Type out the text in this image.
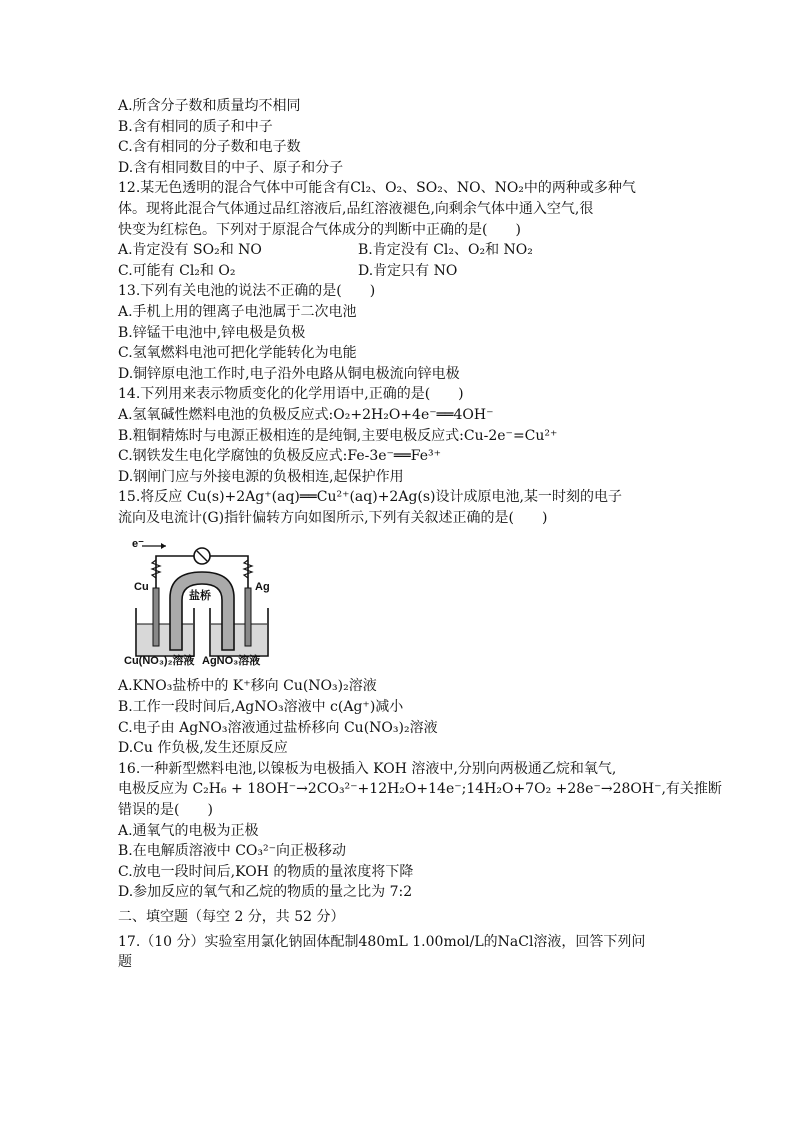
A.所含分子数和质量均不相同
B.含有相同的质子和中子
C.含有相同的分子数和电子数
D.含有相同数目的中子、原子和分子
12.某无色透明的混合气体中可能含有Cl₂、O₂、SO₂、NO、NO₂中的两种或多种气
体。现将此混合气体通过品红溶液后,品红溶液褪色,向剩余气体中通入空气,很
快变为红棕色。下列对于原混合气体成分的判断中正确的是(　　)
A.肯定没有 SO₂和 NO	B.肯定没有 Cl₂、O₂和 NO₂
C.可能有 Cl₂和 O₂	D.肯定只有 NO
13.下列有关电池的说法不正确的是(　　)
A.手机上用的锂离子电池属于二次电池
B.锌锰干电池中,锌电极是负极
C.氢氧燃料电池可把化学能转化为电能
D.铜锌原电池工作时,电子沿外电路从铜电极流向锌电极
14.下列用来表示物质变化的化学用语中,正确的是(　　)
A.氢氧碱性燃料电池的负极反应式:O₂+2H₂O+4e⁻══4OH⁻
B.粗铜精炼时与电源正极相连的是纯铜,主要电极反应式:Cu-2e⁻=Cu²⁺
C.钢铁发生电化学腐蚀的负极反应式:Fe-3e⁻══Fe³⁺
D.钢闸门应与外接电源的负极相连,起保护作用
15.将反应 Cu(s)+2Ag⁺(aq)══Cu²⁺(aq)+2Ag(s)设计成原电池,某一时刻的电子
流向及电流计(G)指针偏转方向如图所示,下列有关叙述正确的是(　　)
e⁻
Cu	Ag
盐桥
Cu(NO₃)₂溶液 AgNO₃溶液
A.KNO₃盐桥中的 K⁺移向 Cu(NO₃)₂溶液
B.工作一段时间后,AgNO₃溶液中 c(Ag⁺)减小
C.电子由 AgNO₃溶液通过盐桥移向 Cu(NO₃)₂溶液
D.Cu 作负极,发生还原反应
16.一种新型燃料电池,以镍板为电极插入 KOH 溶液中,分别向两极通乙烷和氧气,
电极反应为 C₂H₆ + 18OH⁻→2CO₃²⁻+12H₂O+14e⁻;14H₂O+7O₂ +28e⁻→28OH⁻,有关推断
错误的是(　　)
A.通氧气的电极为正极
B.在电解质溶液中 CO₃²⁻向正极移动
C.放电一段时间后,KOH 的物质的量浓度将下降
D.参加反应的氧气和乙烷的物质的量之比为 7:2
二、填空题（每空 2 分，共 52 分）
17.（10 分）实验室用氯化钠固体配制480mL 1.00mol/L的NaCl溶液，回答下列问
题
